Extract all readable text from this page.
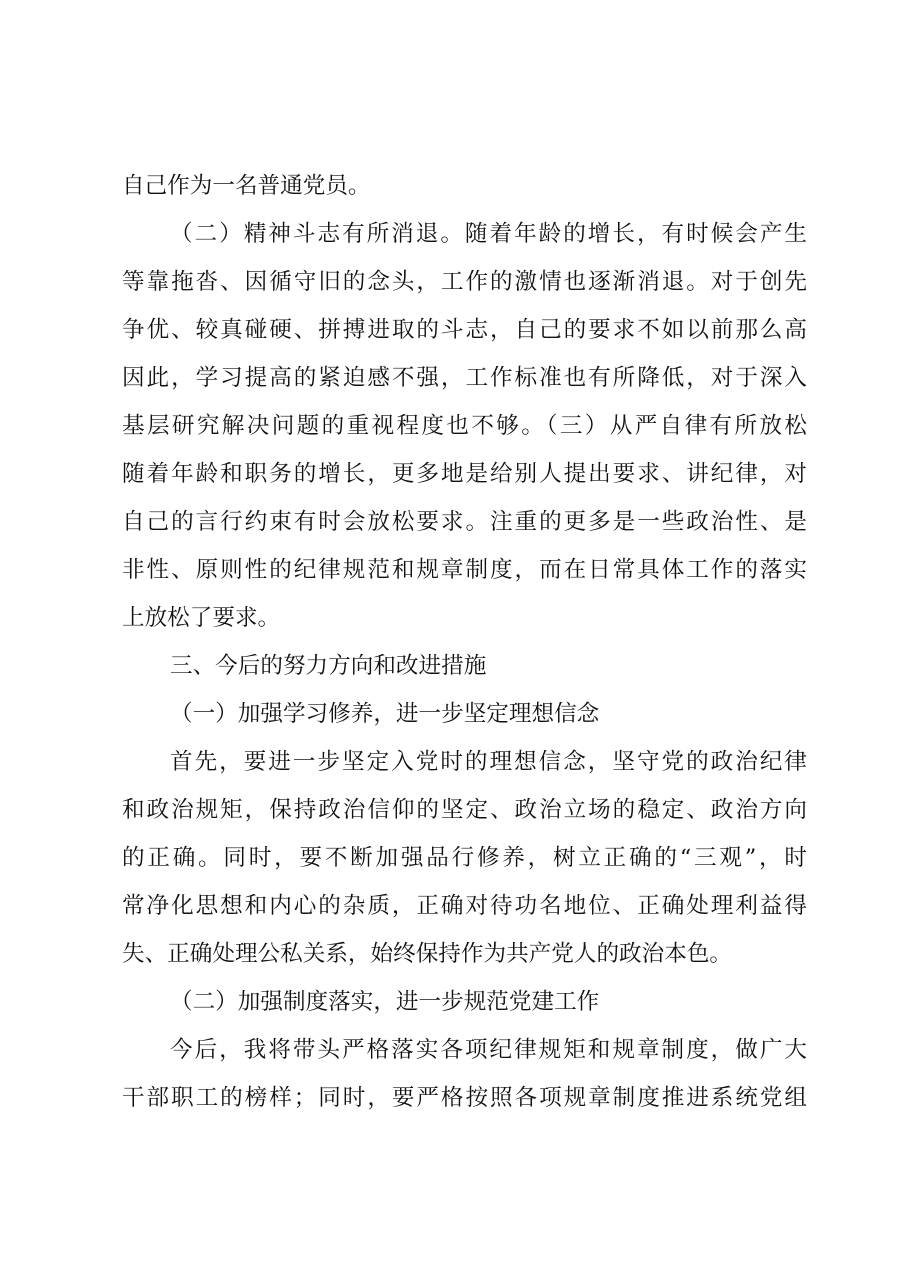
自己作为一名普通党员。
（二）精神斗志有所消退。随着年龄的增长，有时候会产生
等靠拖沓、因循守旧的念头，工作的激情也逐渐消退。对于创先
争优、较真碰硬、拼搏进取的斗志，自己的要求不如以前那么高
因此，学习提高的紧迫感不强，工作标准也有所降低，对于深入
基层研究解决问题的重视程度也不够。（三）从严自律有所放松
随着年龄和职务的增长，更多地是给别人提出要求、讲纪律，对
自己的言行约束有时会放松要求。注重的更多是一些政治性、是
非性、原则性的纪律规范和规章制度，而在日常具体工作的落实
上放松了要求。
三、今后的努力方向和改进措施
（一）加强学习修养，进一步坚定理想信念
首先，要进一步坚定入党时的理想信念，坚守党的政治纪律
和政治规矩，保持政治信仰的坚定、政治立场的稳定、政治方向
的正确。同时，要不断加强品行修养，树立正确的“三观”，时
常净化思想和内心的杂质，正确对待功名地位、正确处理利益得
失、正确处理公私关系，始终保持作为共产党人的政治本色。
（二）加强制度落实，进一步规范党建工作
今后，我将带头严格落实各项纪律规矩和规章制度，做广大
干部职工的榜样；同时，要严格按照各项规章制度推进系统党组
